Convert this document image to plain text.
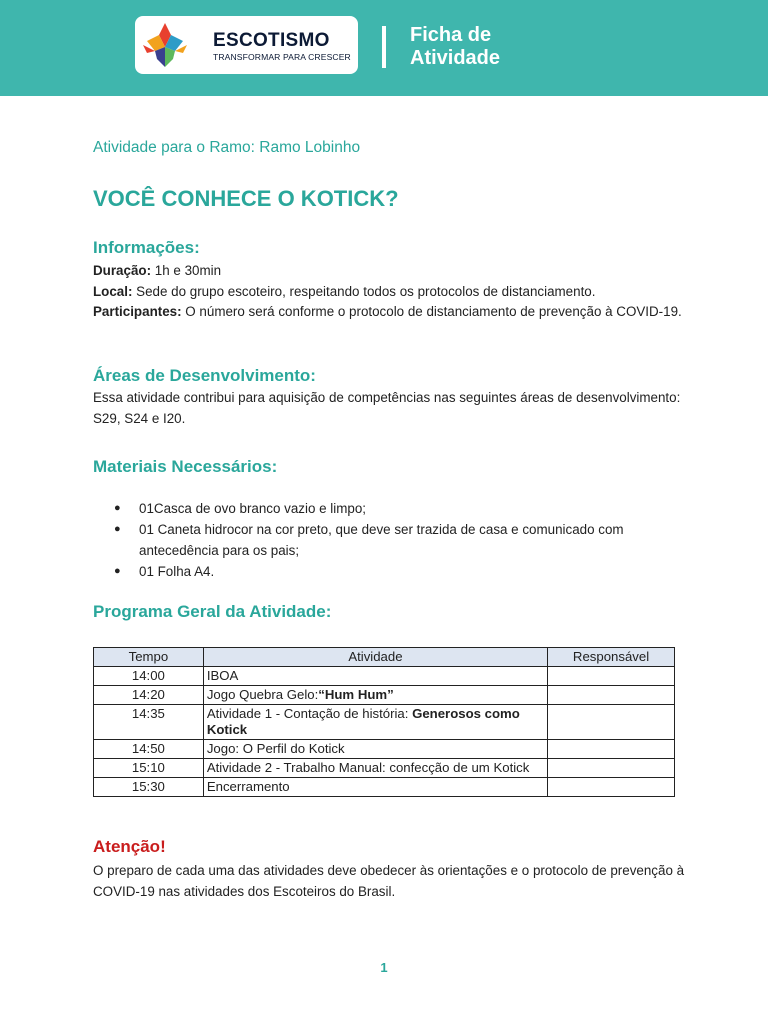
ESCOTISMO
TRANSFORMAR PARA CRESCER
Ficha de
Atividade
Atividade para o Ramo: Ramo Lobinho
VOCÊ CONHECE O KOTICK?
Informações:
Duração: 1h e 30min
Local: Sede do grupo escoteiro, respeitando todos os protocolos de distanciamento.
Participantes: O número será conforme o protocolo de distanciamento de prevenção à COVID-19.
Áreas de Desenvolvimento:
Essa atividade contribui para aquisição de competências nas seguintes áreas de desenvolvimento: S29, S24 e I20.
Materiais Necessários:
● 01Casca de ovo branco vazio e limpo;
● 01 Caneta hidrocor na cor preto, que deve ser trazida de casa e comunicado com antecedência para os pais;
● 01 Folha A4.
Programa Geral da Atividade:
Tempo	Atividade	Responsável
14:00	IBOA	
14:20	Jogo Quebra Gelo:“Hum Hum”	
14:35	Atividade 1 - Contação de história: Generosos como Kotick	
14:50	Jogo: O Perfil do Kotick	
15:10	Atividade 2 - Trabalho Manual: confecção de um Kotick	
15:30	Encerramento	
Atenção!
O preparo de cada uma das atividades deve obedecer às orientações e o protocolo de prevenção à COVID-19 nas atividades dos Escoteiros do Brasil.
1
